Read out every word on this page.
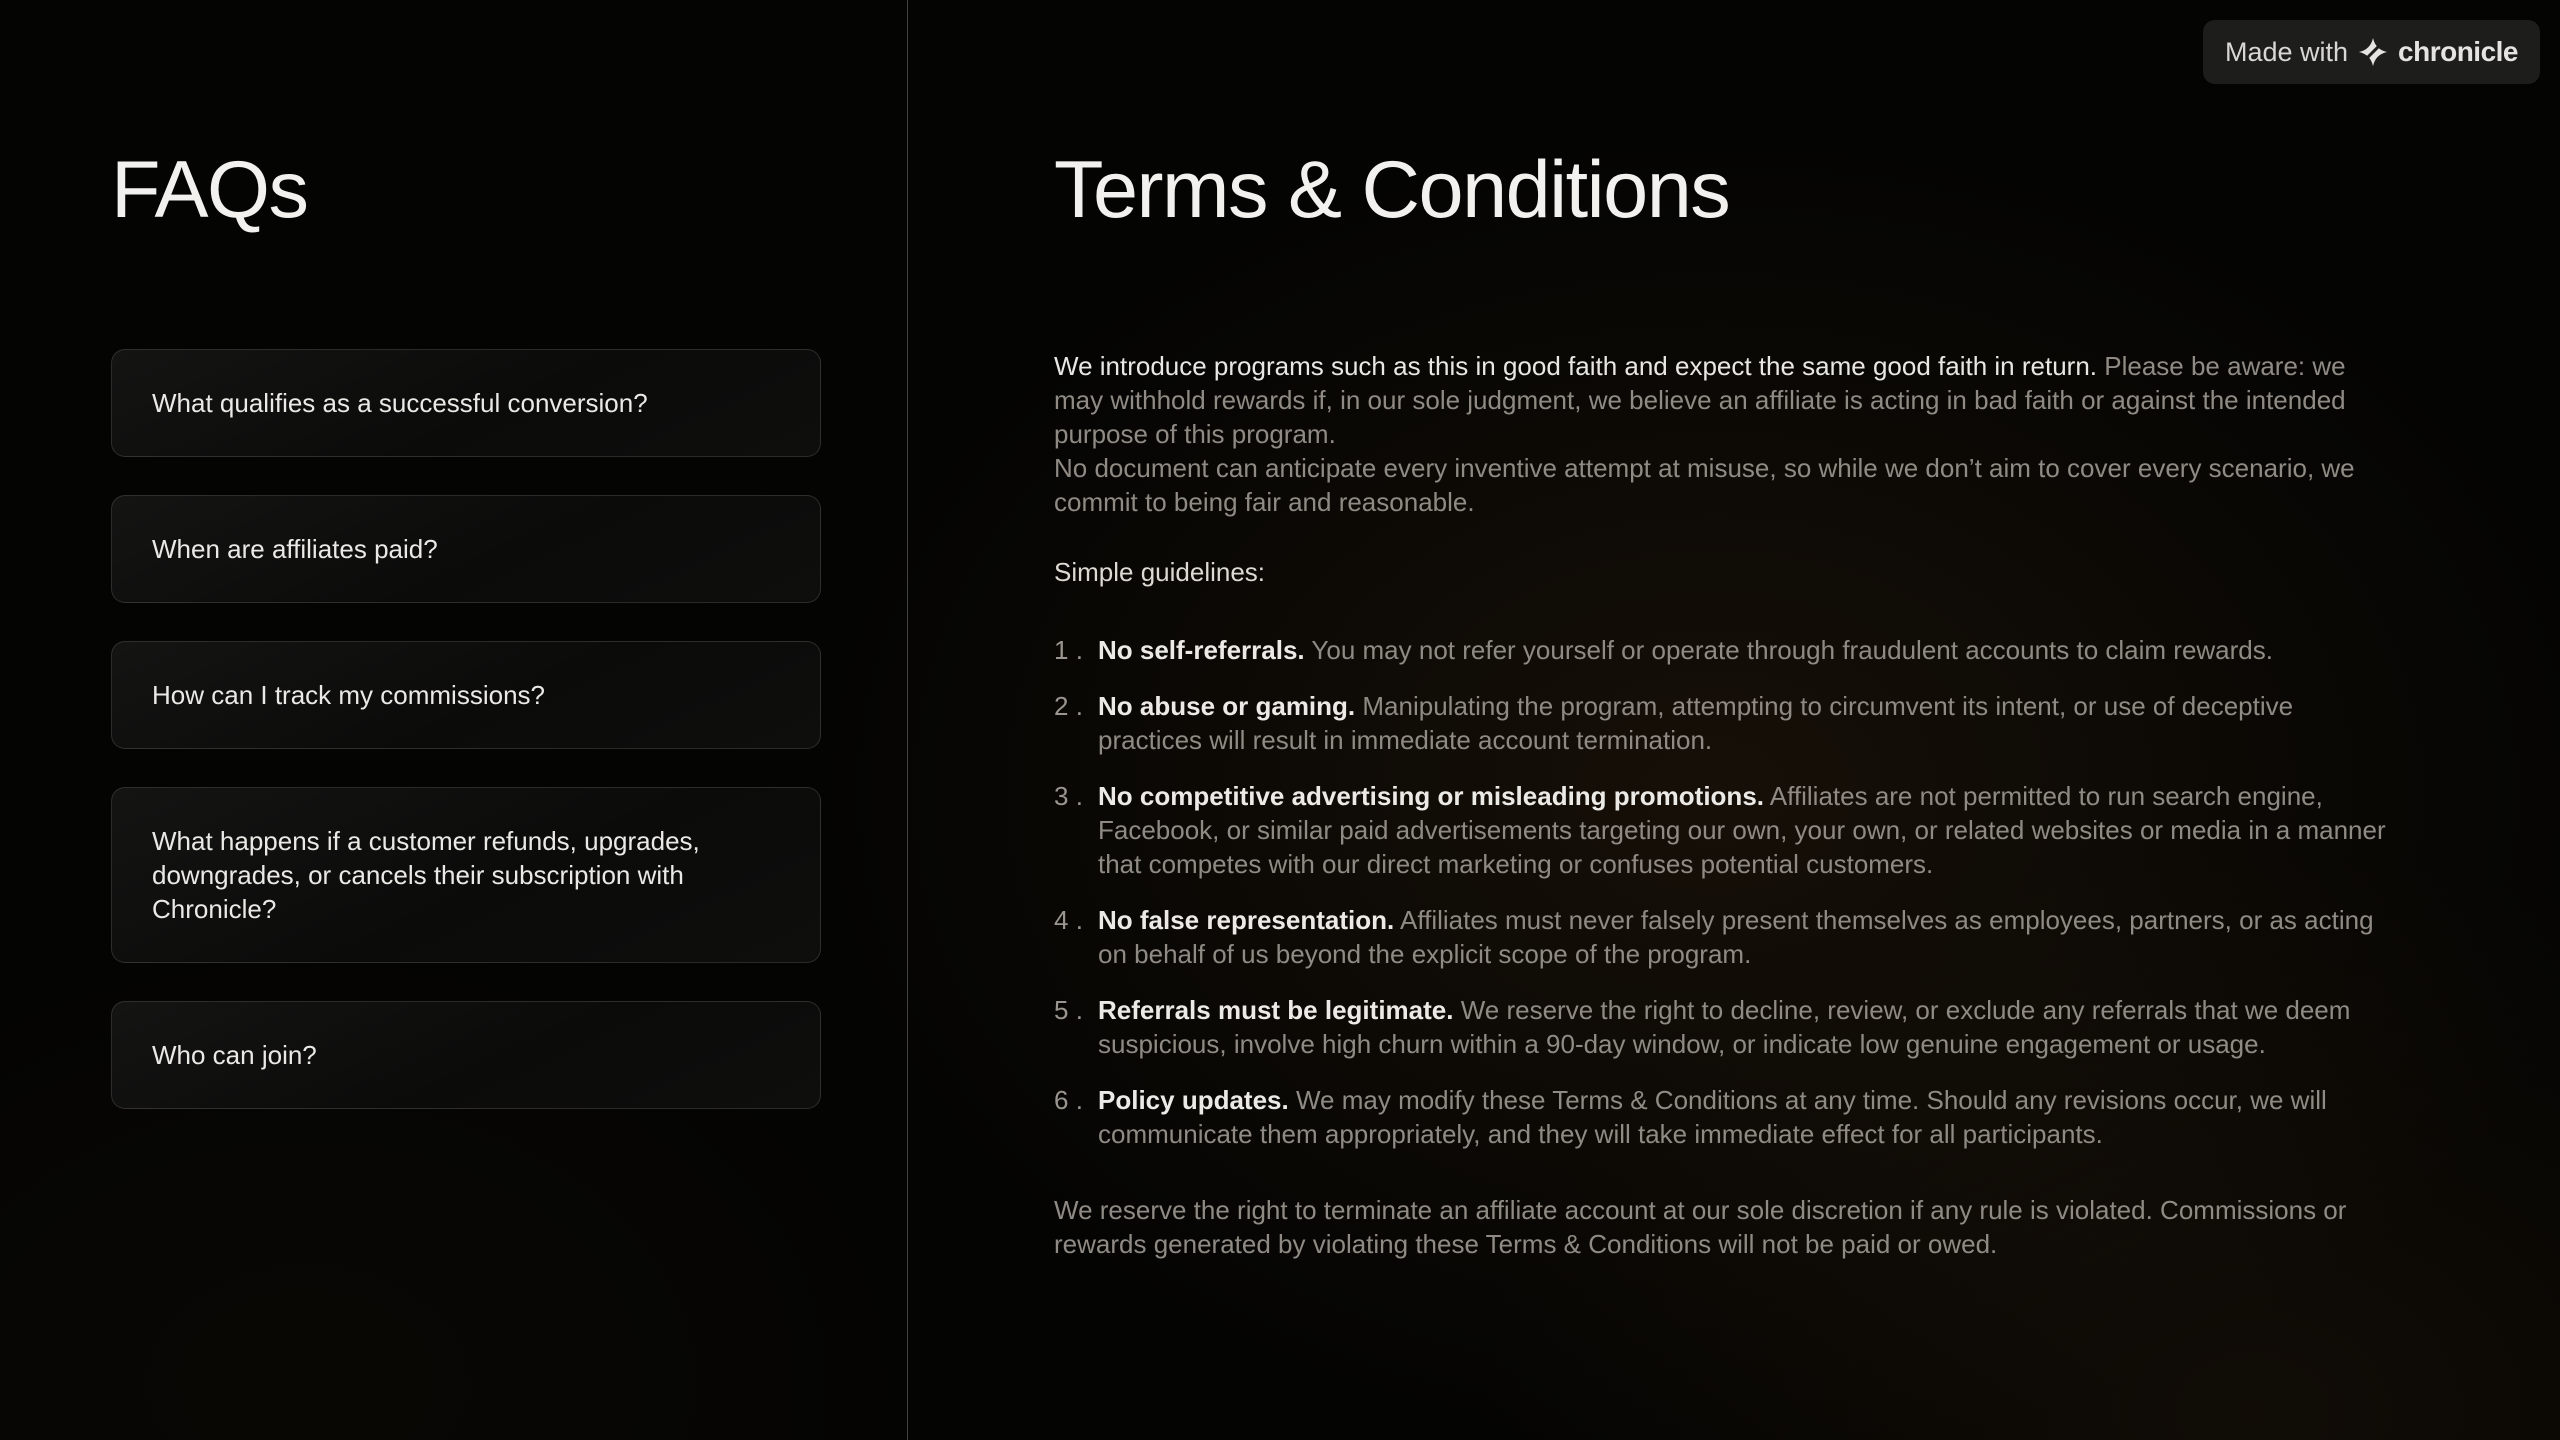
FAQs
What qualifies as a successful conversion?
When are affiliates paid?
How can I track my commissions?
What happens if a customer refunds, upgrades, downgrades, or cancels their subscription with Chronicle?
Who can join?
Terms & Conditions

We introduce programs such as this in good faith and expect the same good faith in return. Please be aware: we may withhold rewards if, in our sole judgment, we believe an affiliate is acting in bad faith or against the intended purpose of this program.
No document can anticipate every inventive attempt at misuse, so while we don’t aim to cover every scenario, we commit to being fair and reasonable.

Simple guidelines:

No self-referrals. You may not refer yourself or operate through fraudulent accounts to claim rewards.
No abuse or gaming. Manipulating the program, attempting to circumvent its intent, or use of deceptive practices will result in immediate account termination.
No competitive advertising or misleading promotions. Affiliates are not permitted to run search engine, Facebook, or similar paid advertisements targeting our own, your own, or related websites or media in a manner that competes with our direct marketing or confuses potential customers.
No false representation. Affiliates must never falsely present themselves as employees, partners, or as acting on behalf of us beyond the explicit scope of the program.
Referrals must be legitimate. We reserve the right to decline, review, or exclude any referrals that we deem suspicious, involve high churn within a 90-day window, or indicate low genuine engagement or usage.
Policy updates. We may modify these Terms & Conditions at any time. Should any revisions occur, we will communicate them appropriately, and they will take immediate effect for all participants.

We reserve the right to terminate an affiliate account at our sole discretion if any rule is violated. Commissions or rewards generated by violating these Terms & Conditions will not be paid or owed.

Made with chronicle
